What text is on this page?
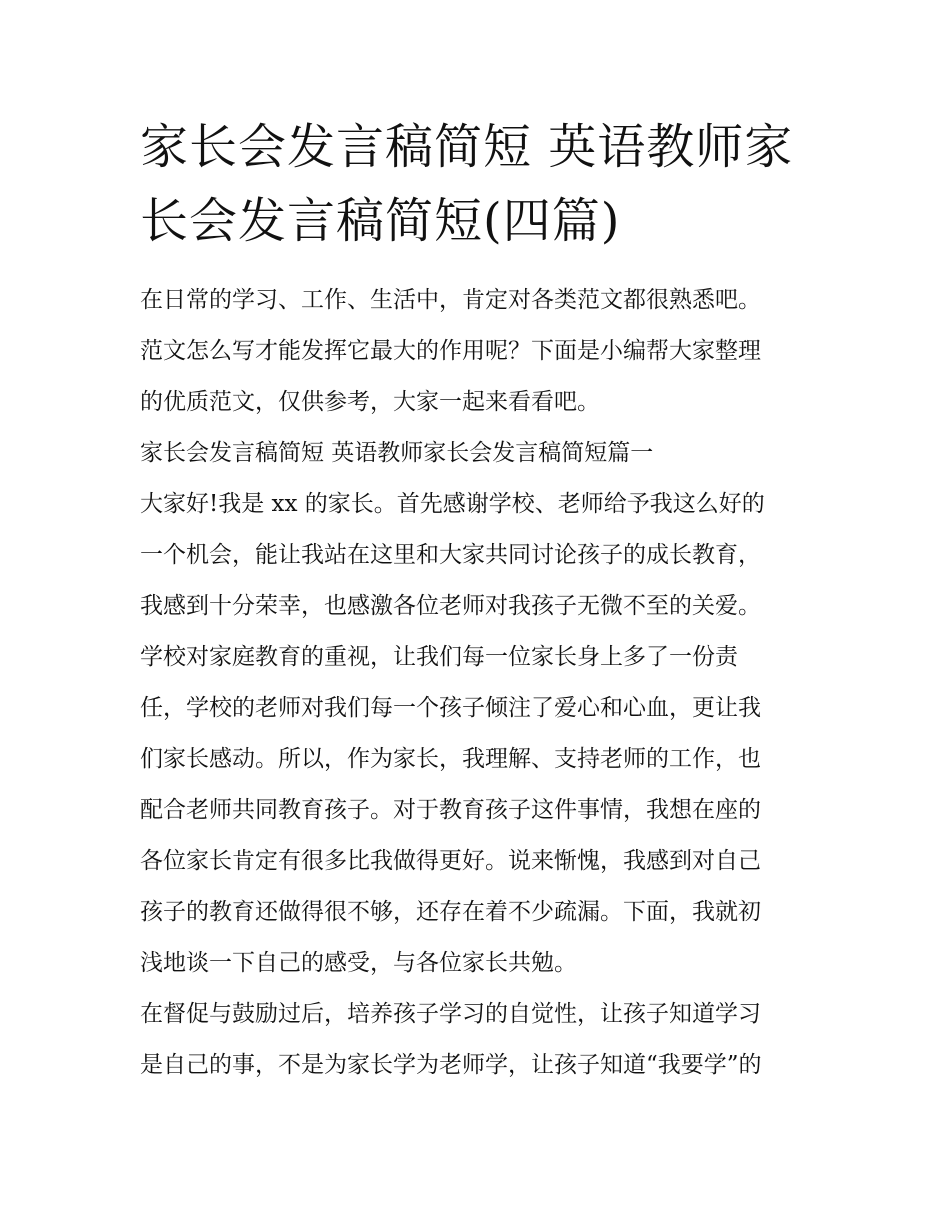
家长会发言稿简短 英语教师家
长会发言稿简短(四篇)
在日常的学习、工作、生活中，肯定对各类范文都很熟悉吧。
范文怎么写才能发挥它最大的作用呢？下面是小编帮大家整理
的优质范文，仅供参考，大家一起来看看吧。
家长会发言稿简短 英语教师家长会发言稿简短篇一
大家好!我是 xx 的家长。首先感谢学校、老师给予我这么好的
一个机会，能让我站在这里和大家共同讨论孩子的成长教育，
我感到十分荣幸，也感激各位老师对我孩子无微不至的关爱。
学校对家庭教育的重视，让我们每一位家长身上多了一份责
任，学校的老师对我们每一个孩子倾注了爱心和心血，更让我
们家长感动。所以，作为家长，我理解、支持老师的工作，也
配合老师共同教育孩子。对于教育孩子这件事情，我想在座的
各位家长肯定有很多比我做得更好。说来惭愧，我感到对自己
孩子的教育还做得很不够，还存在着不少疏漏。下面，我就初
浅地谈一下自己的感受，与各位家长共勉。
在督促与鼓励过后，培养孩子学习的自觉性，让孩子知道学习
是自己的事，不是为家长学为老师学，让孩子知道“我要学”的
